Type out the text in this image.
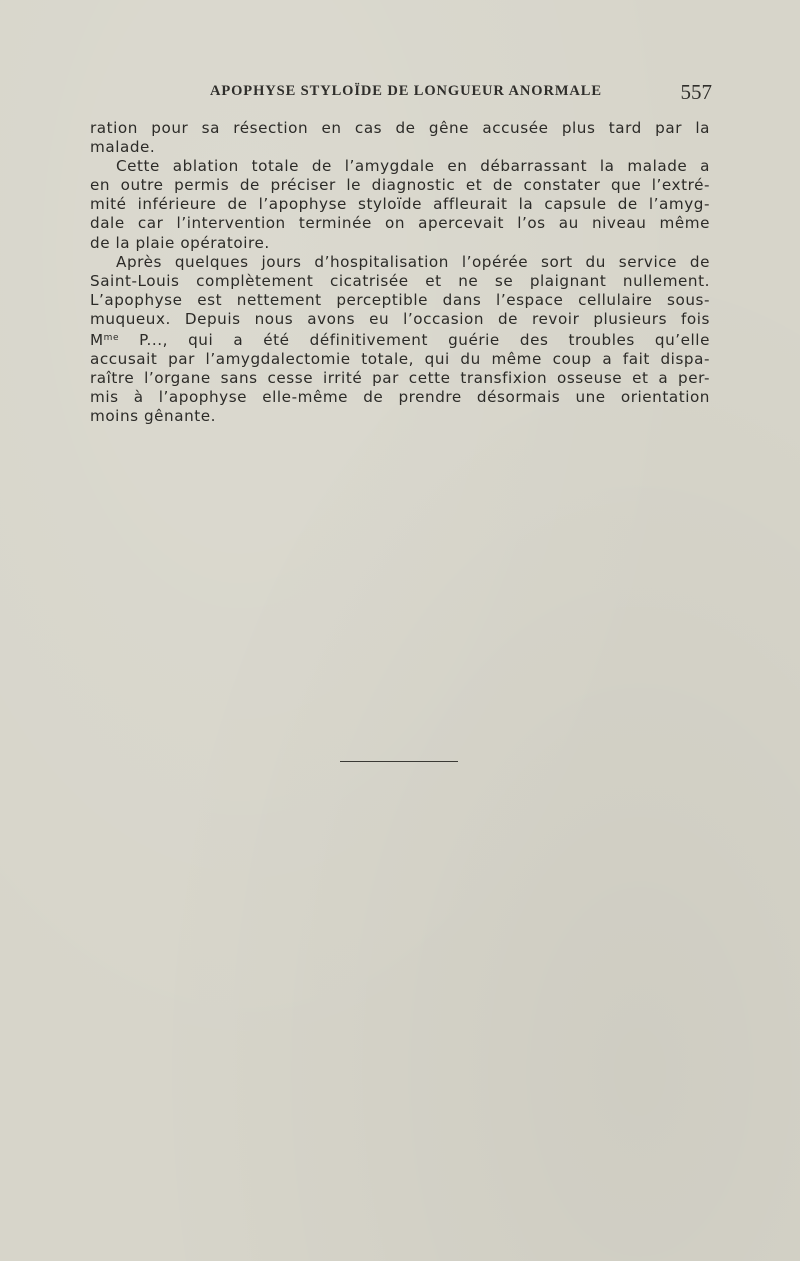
APOPHYSE STYLOÏDE DE LONGUEUR ANORMALE	557

ration pour sa résection en cas de gêne accusée plus tard par la

malade.

Cette ablation totale de l’amygdale en débarrassant la malade a

en outre permis de préciser le diagnostic et de constater que l’extré-

mité inférieure de l’apophyse styloïde affleurait la capsule de l’amyg-

dale car l’intervention terminée on apercevait l’os au niveau même

de la plaie opératoire.

Après quelques jours d’hospitalisation l’opérée sort du service de

Saint-Louis complètement cicatrisée et ne se plaignant nullement.

L’apophyse est nettement perceptible dans l’espace cellulaire sous-

muqueux. Depuis nous avons eu l’occasion de revoir plusieurs fois

$M^{me}$ P..., qui a été définitivement guérie des troubles qu’elle

accusait par l’amygdalectomie totale, qui du même coup a fait dispa-

raître l’organe sans cesse irrité par cette transfixion osseuse et a per-

mis à l’apophyse elle-même de prendre désormais une orientation

moins gênante.
